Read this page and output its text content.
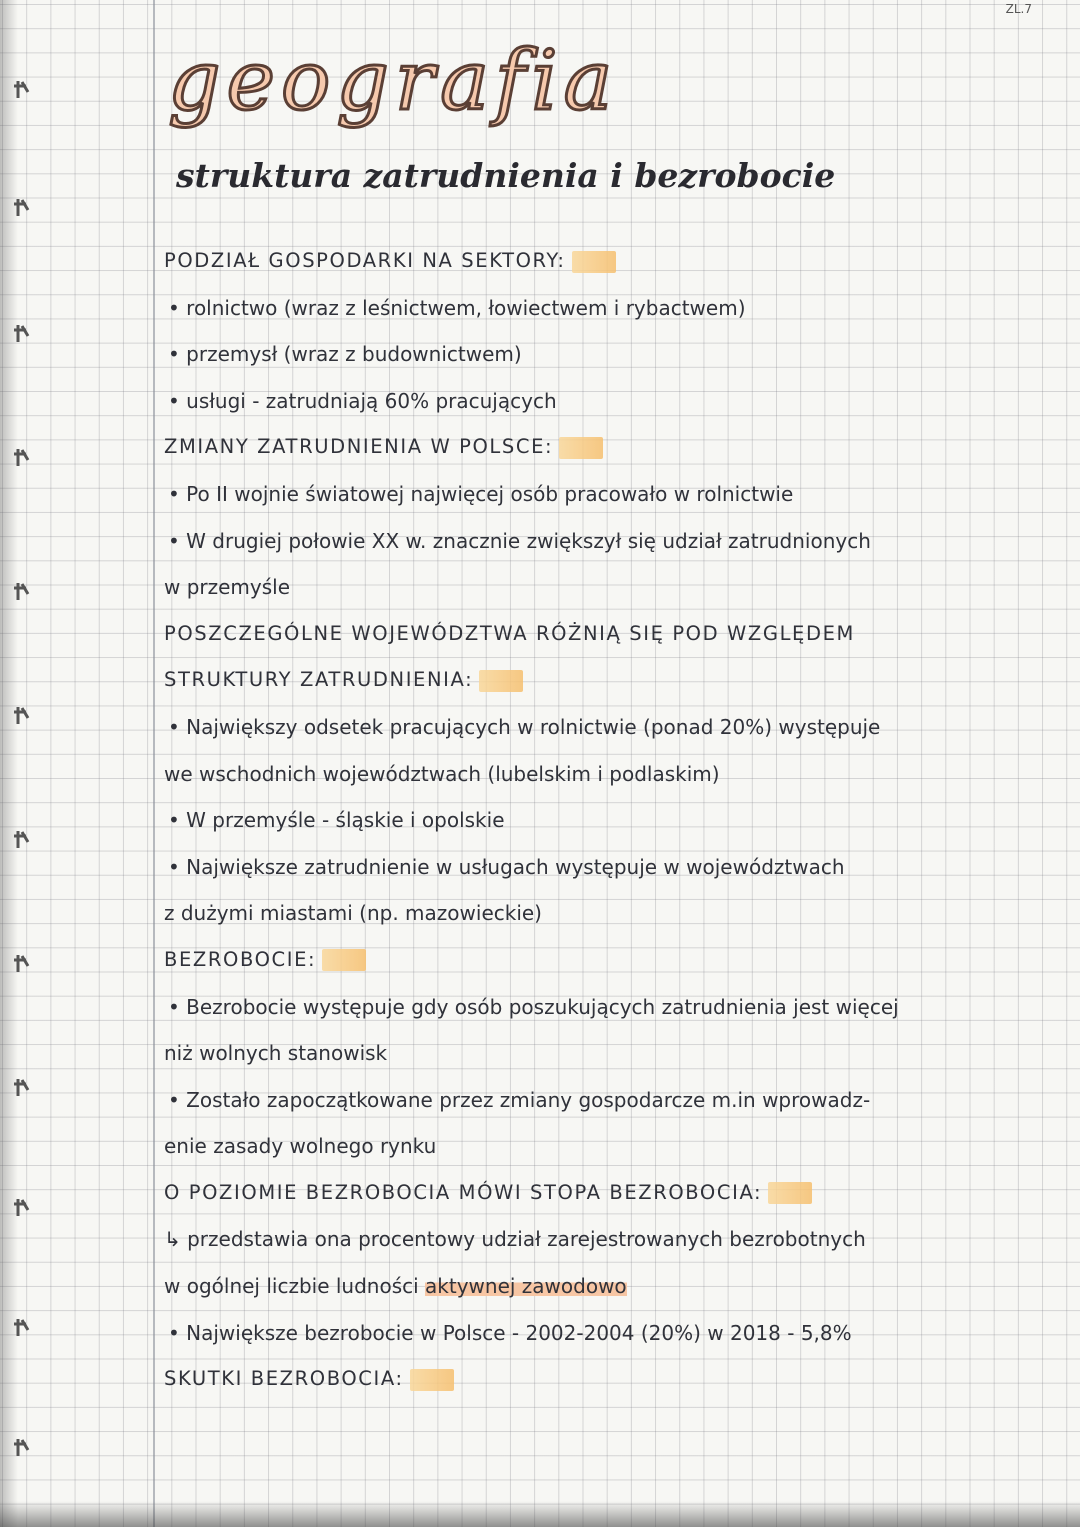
ZL.7
geografia
struktura zatrudnienia i bezrobocie
PODZIAŁ GOSPODARKI NA SEKTORY:
• rolnictwo (wraz z leśnictwem, łowiectwem i rybactwem)
• przemysł (wraz z budownictwem)
• usługi - zatrudniają 60% pracujących
ZMIANY ZATRUDNIENIA W POLSCE:
• Po II wojnie światowej najwięcej osób pracowało w rolnictwie
• W drugiej połowie XX w. znacznie zwiększył się udział zatrudnionych
w przemyśle
POSZCZEGÓLNE WOJEWÓDZTWA RÓŻNIĄ SIĘ POD WZGLĘDEM
STRUKTURY ZATRUDNIENIA:
• Największy odsetek pracujących w rolnictwie (ponad 20%) występuje
we wschodnich województwach (lubelskim i podlaskim)
• W przemyśle - śląskie i opolskie
• Największe zatrudnienie w usługach występuje w województwach
z dużymi miastami (np. mazowieckie)
BEZROBOCIE:
• Bezrobocie występuje gdy osób poszukujących zatrudnienia jest więcej
niż wolnych stanowisk
• Zostało zapoczątkowane przez zmiany gospodarcze m.in wprowadz-
enie zasady wolnego rynku
O POZIOMIE BEZROBOCIA MÓWI STOPA BEZROBOCIA:
↳ przedstawia ona procentowy udział zarejestrowanych bezrobotnych
w ogólnej liczbie ludności aktywnej zawodowo
• Największe bezrobocie w Polsce - 2002-2004 (20%) w 2018 - 5,8%
SKUTKI BEZROBOCIA:
